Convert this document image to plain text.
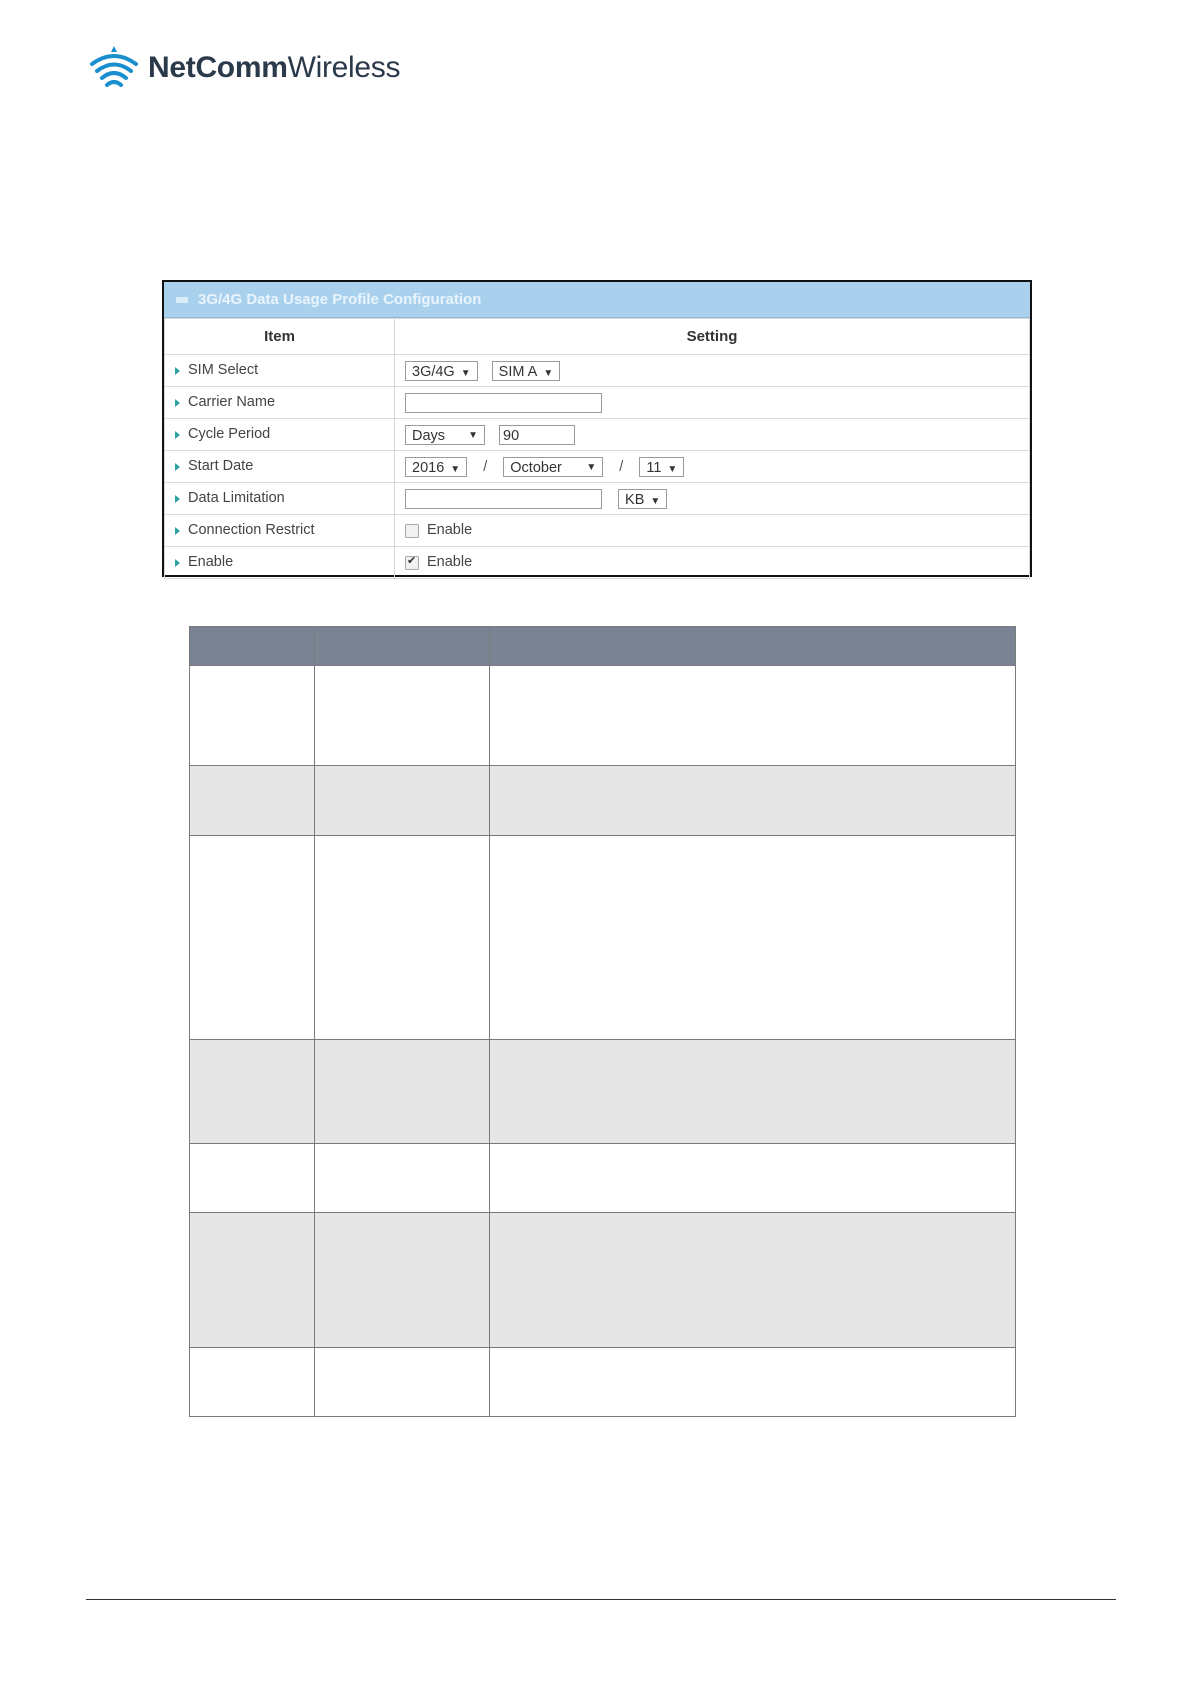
NetCommWireless
3G/4G Data Usage Profile Configuration
Item	Setting
SIM Select	3G/4G ▼ SIM A ▼
Carrier Name	
Cycle Period	Days ▼ 90
Start Date	2016 ▼ / October ▼ / 11 ▼
Data Limitation	KB ▼
Connection Restrict	Enable
Enable	✔Enable
